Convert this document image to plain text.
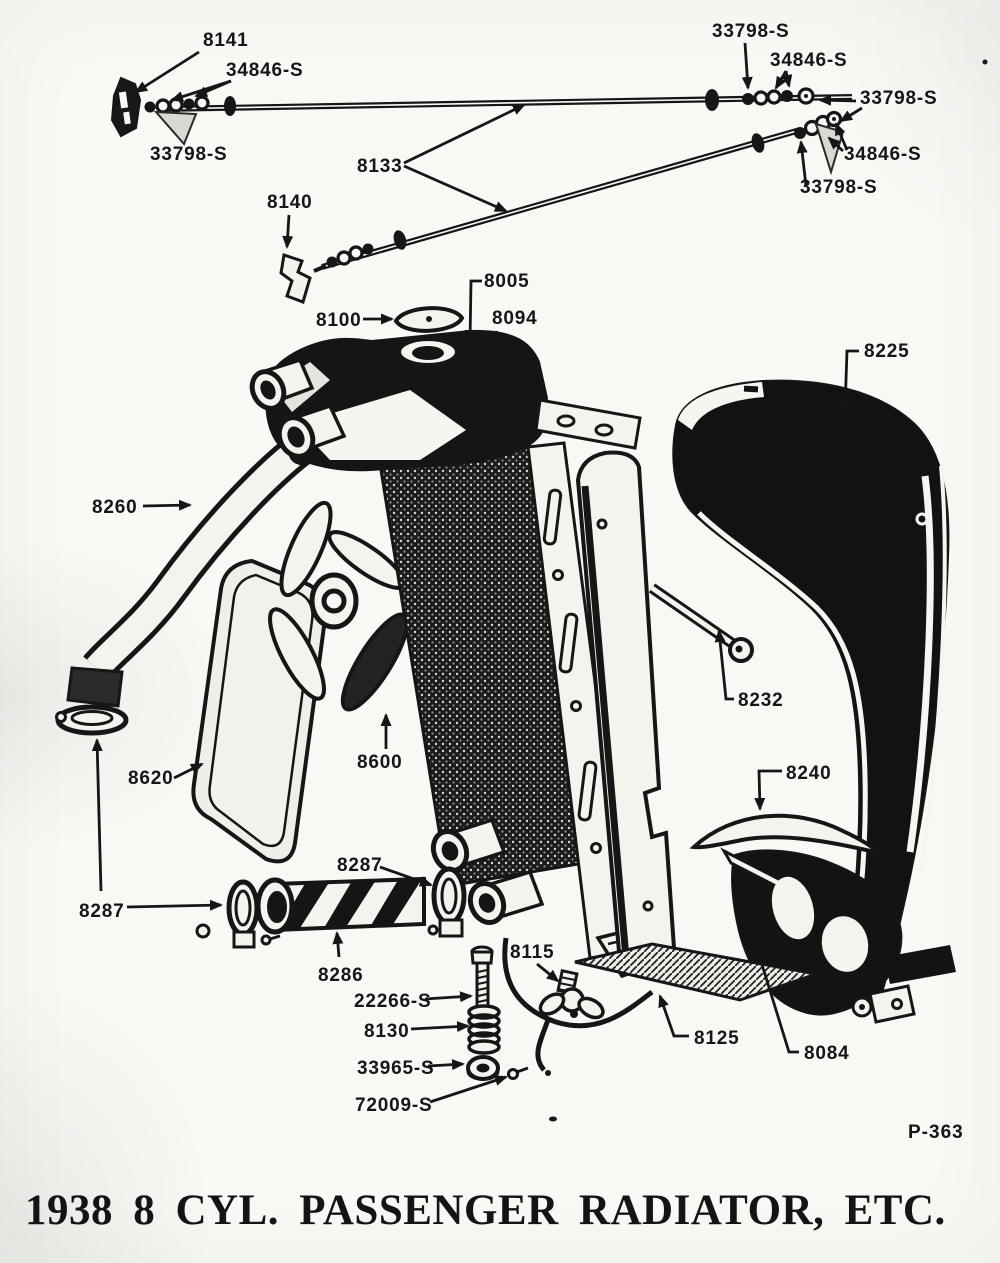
8141
34846-S
33798-S
33798-S
34846-S
33798-S
34846-S
33798-S
8133
8140
8100
8005
8094
8225
8260
8232
8620
8600
8240
8287
8287
8286
8115
22266-S
8130
33965-S
72009-S
8125
8084
P-363
1938 8 CYL. PASSENGER RADIATOR, ETC.
